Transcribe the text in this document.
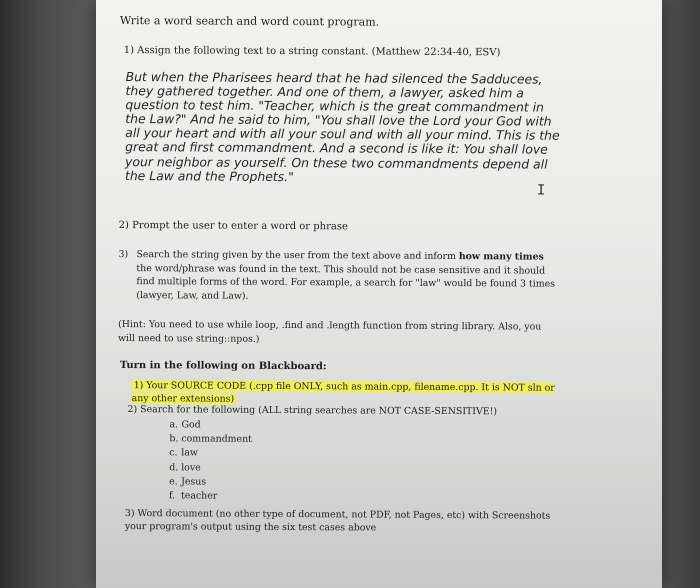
Write a word search and word count program.
1) Assign the following text to a string constant. (Matthew 22:34-40, ESV)
But when the Pharisees heard that he had silenced the Sadducees,
they gathered together. And one of them, a lawyer, asked him a
question to test him. "Teacher, which is the great commandment in
the Law?" And he said to him, "You shall love the Lord your God with
all your heart and with all your soul and with all your mind. This is the
great and first commandment. And a second is like it: You shall love
your neighbor as yourself. On these two commandments depend all
the Law and the Prophets."
I
2) Prompt the user to enter a word or phrase
3) Search the string given by the user from the text above and inform how many times the word/phrase was found in the text. This should not be case sensitive and it should find multiple forms of the word. For example, a search for "law" would be found 3 times (lawyer, Law, and Law).
(Hint: You need to use while loop, .find and .length function from string library. Also, you will need to use string::npos.)
Turn in the following on Blackboard:
1) Your SOURCE CODE (.cpp file ONLY, such as main.cpp, filename.cpp. It is NOT sln or any other extensions)
2) Search for the following (ALL string searches are NOT CASE-SENSITIVE!)
a. God
b. commandment
c. law
d. love
e. Jesus
f. teacher
3) Word document (no other type of document, not PDF, not Pages, etc) with Screenshots your program's output using the six test cases above
